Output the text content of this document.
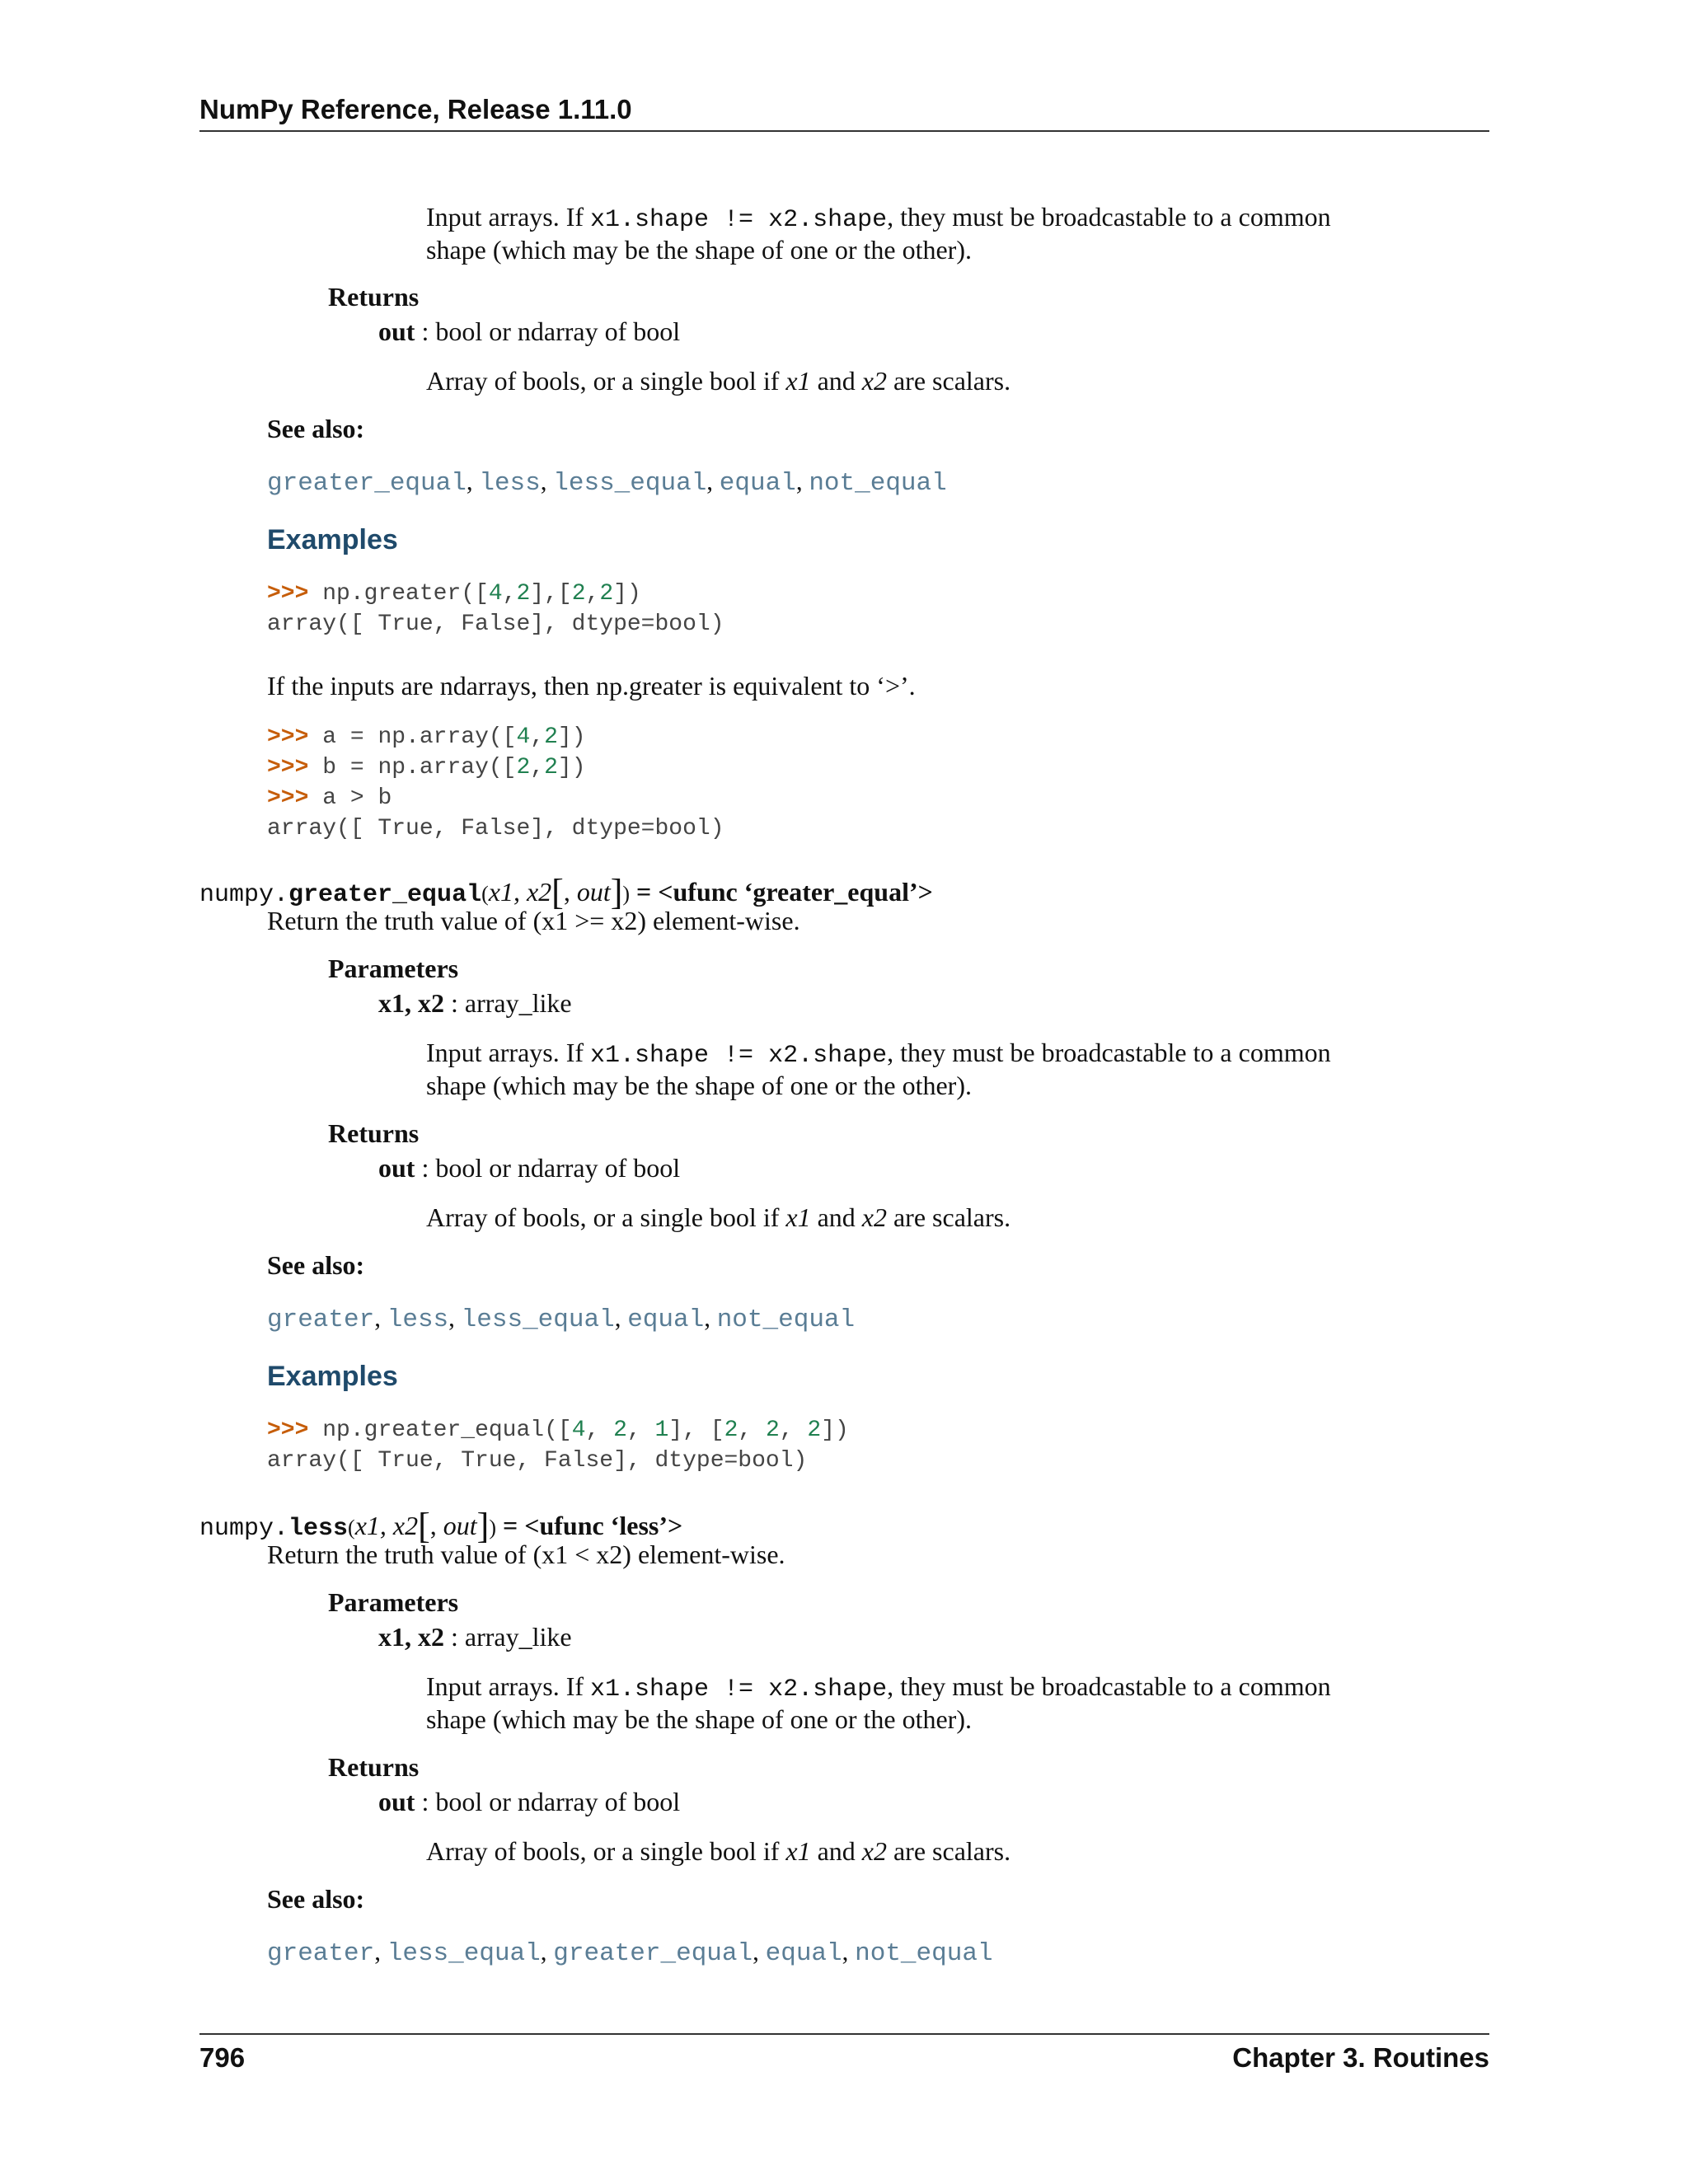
NumPy Reference, Release 1.11.0
Input arrays. If x1.shape != x2.shape, they must be broadcastable to a common
shape (which may be the shape of one or the other).
Returns
out : bool or ndarray of bool
Array of bools, or a single bool if x1 and x2 are scalars.
See also:
greater_equal, less, less_equal, equal, not_equal
Examples
>>> np.greater([4,2],[2,2])
array([ True, False], dtype=bool)
If the inputs are ndarrays, then np.greater is equivalent to ‘>’.
>>> a = np.array([4,2])
>>> b = np.array([2,2])
>>> a > b
array([ True, False], dtype=bool)
numpy.greater_equal(x1, x2[, out]) = <ufunc ‘greater_equal’>
Return the truth value of (x1 >= x2) element-wise.
Parameters
x1, x2 : array_like
Input arrays. If x1.shape != x2.shape, they must be broadcastable to a common
shape (which may be the shape of one or the other).
Returns
out : bool or ndarray of bool
Array of bools, or a single bool if x1 and x2 are scalars.
See also:
greater, less, less_equal, equal, not_equal
Examples
>>> np.greater_equal([4, 2, 1], [2, 2, 2])
array([ True, True, False], dtype=bool)
numpy.less(x1, x2[, out]) = <ufunc ‘less’>
Return the truth value of (x1 < x2) element-wise.
Parameters
x1, x2 : array_like
Input arrays. If x1.shape != x2.shape, they must be broadcastable to a common
shape (which may be the shape of one or the other).
Returns
out : bool or ndarray of bool
Array of bools, or a single bool if x1 and x2 are scalars.
See also:
greater, less_equal, greater_equal, equal, not_equal
796	Chapter 3. Routines
